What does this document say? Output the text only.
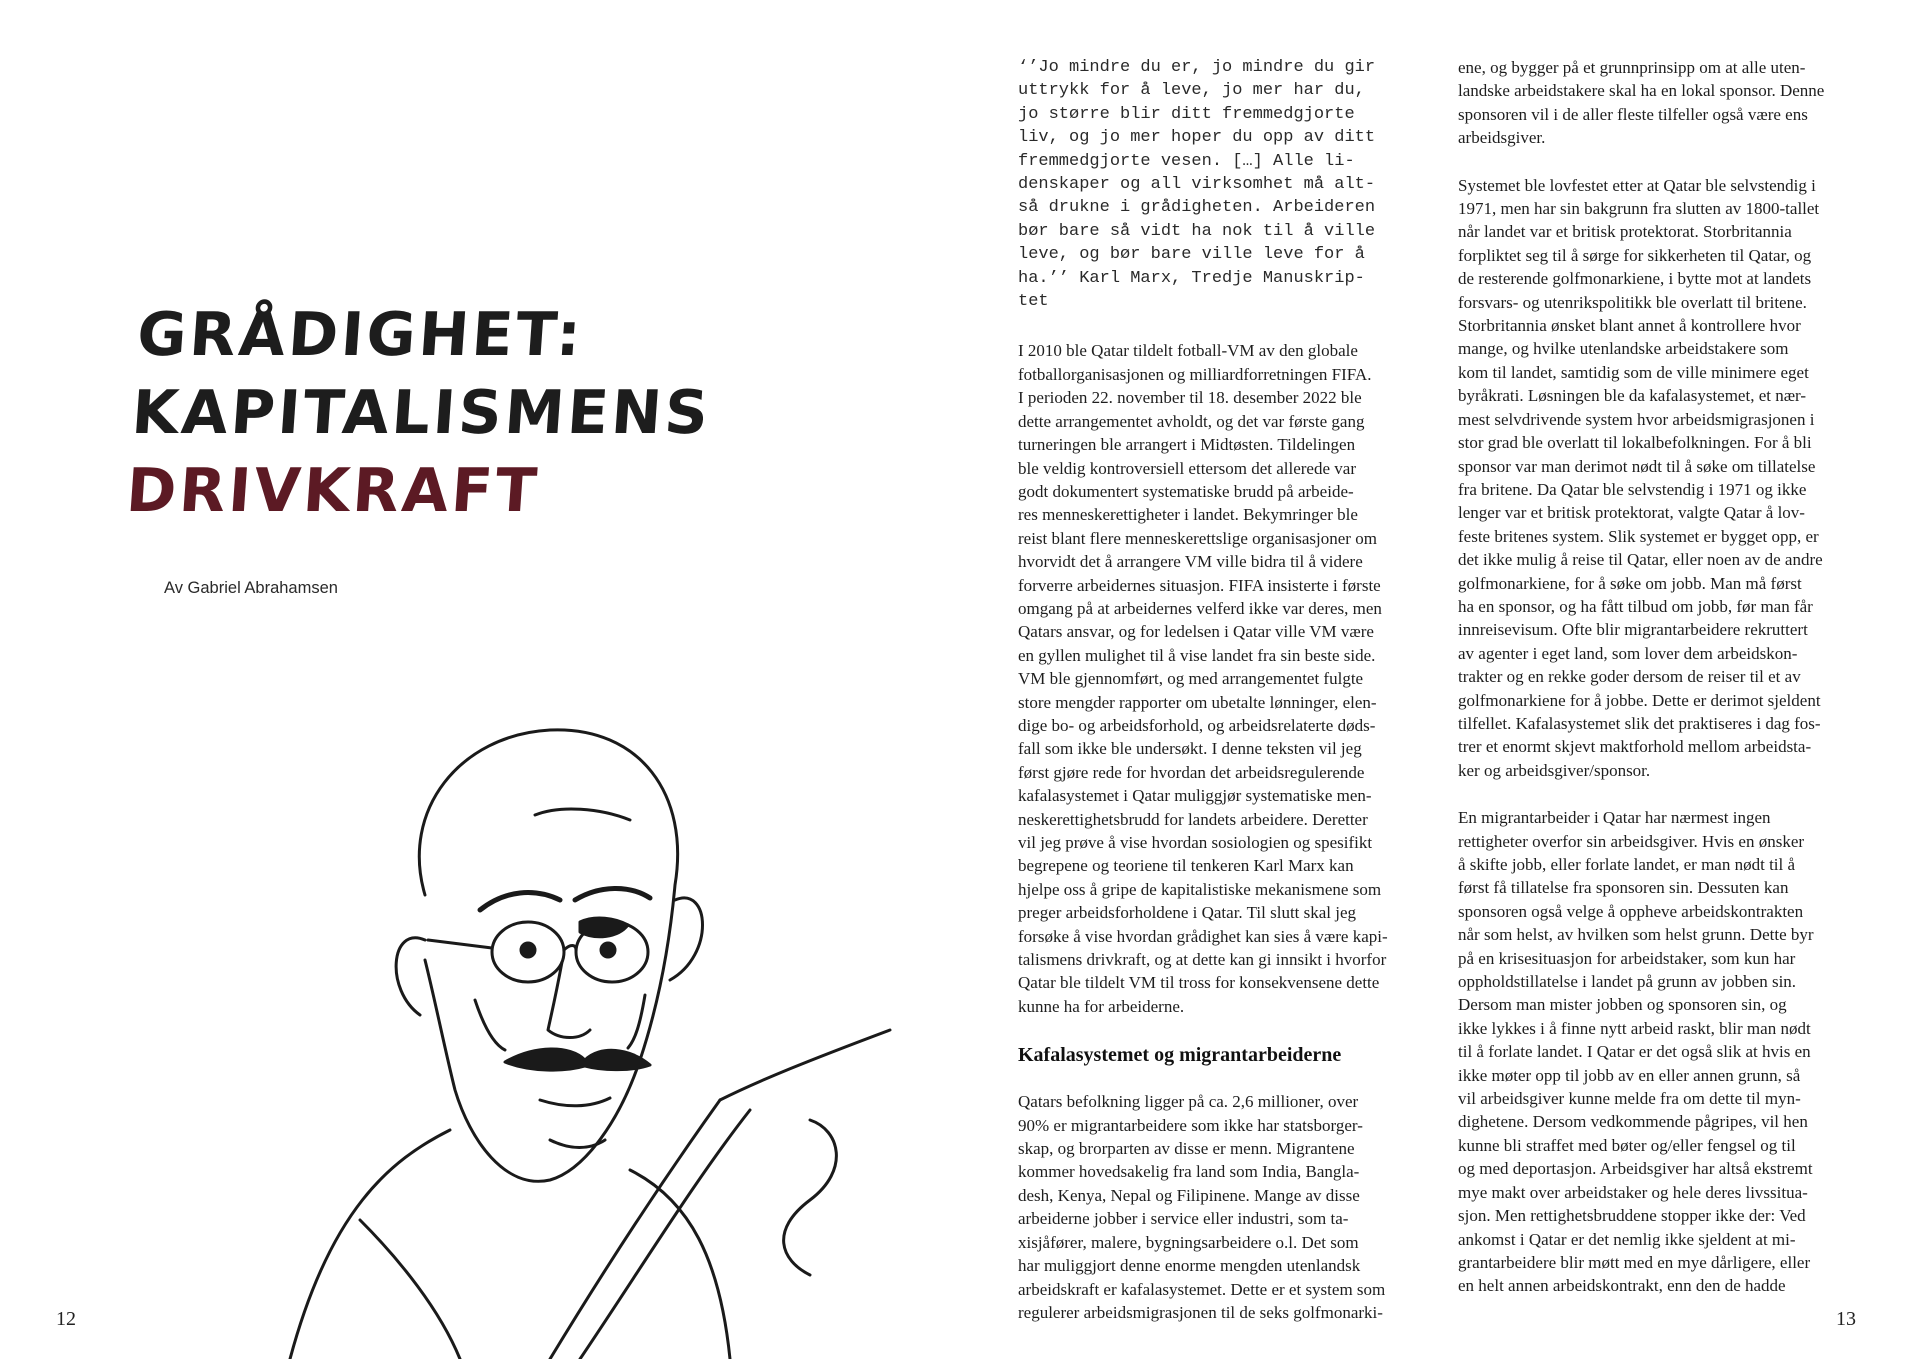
GRÅDIGHET:
KAPITALISMENS
DRIVKRAFT

Av Gabriel Abrahamsen

12

‘’Jo mindre du er, jo mindre du gir
uttrykk for å leve, jo mer har du,
jo større blir ditt fremmedgjorte
liv, og jo mer hoper du opp av ditt
fremmedgjorte vesen. […] Alle li-
denskaper og all virksomhet må alt-
så drukne i grådigheten. Arbeideren
bør bare så vidt ha nok til å ville
leve, og bør bare ville leve for å
ha.’’ Karl Marx, Tredje Manuskrip-
tet

I 2010 ble Qatar tildelt fotball-VM av den globale
fotballorganisasjonen og milliardforretningen FIFA.
I perioden 22. november til 18. desember 2022 ble
dette arrangementet avholdt, og det var første gang
turneringen ble arrangert i Midtøsten. Tildelingen
ble veldig kontroversiell ettersom det allerede var
godt dokumentert systematiske brudd på arbeide-
res menneskerettigheter i landet. Bekymringer ble
reist blant flere menneskerettslige organisasjoner om
hvorvidt det å arrangere VM ville bidra til å videre
forverre arbeidernes situasjon. FIFA insisterte i første
omgang på at arbeidernes velferd ikke var deres, men
Qatars ansvar, og for ledelsen i Qatar ville VM være
en gyllen mulighet til å vise landet fra sin beste side.
VM ble gjennomført, og med arrangementet fulgte
store mengder rapporter om ubetalte lønninger, elen-
dige bo- og arbeidsforhold, og arbeidsrelaterte døds-
fall som ikke ble undersøkt. I denne teksten vil jeg
først gjøre rede for hvordan det arbeidsregulerende
kafalasystemet i Qatar muliggjør systematiske men-
neskerettighetsbrudd for landets arbeidere. Deretter
vil jeg prøve å vise hvordan sosiologien og spesifikt
begrepene og teoriene til tenkeren Karl Marx kan
hjelpe oss å gripe de kapitalistiske mekanismene som
preger arbeidsforholdene i Qatar. Til slutt skal jeg
forsøke å vise hvordan grådighet kan sies å være kapi-
talismens drivkraft, og at dette kan gi innsikt i hvorfor
Qatar ble tildelt VM til tross for konsekvensene dette
kunne ha for arbeiderne.

Kafalasystemet og migrantarbeiderne

Qatars befolkning ligger på ca. 2,6 millioner, over
90% er migrantarbeidere som ikke har statsborger-
skap, og brorparten av disse er menn. Migrantene
kommer hovedsakelig fra land som India, Bangla-
desh, Kenya, Nepal og Filipinene. Mange av disse
arbeiderne jobber i service eller industri, som ta-
xisjåfører, malere, bygningsarbeidere o.l. Det som
har muliggjort denne enorme mengden utenlandsk
arbeidskraft er kafalasystemet. Dette er et system som
regulerer arbeidsmigrasjonen til de seks golfmonarki-

ene, og bygger på et grunnprinsipp om at alle uten-
landske arbeidstakere skal ha en lokal sponsor. Denne
sponsoren vil i de aller fleste tilfeller også være ens
arbeidsgiver.

Systemet ble lovfestet etter at Qatar ble selvstendig i
1971, men har sin bakgrunn fra slutten av 1800-tallet
når landet var et britisk protektorat. Storbritannia
forpliktet seg til å sørge for sikkerheten til Qatar, og
de resterende golfmonarkiene, i bytte mot at landets
forsvars- og utenrikspolitikk ble overlatt til britene.
Storbritannia ønsket blant annet å kontrollere hvor
mange, og hvilke utenlandske arbeidstakere som
kom til landet, samtidig som de ville minimere eget
byråkrati. Løsningen ble da kafalasystemet, et nær-
mest selvdrivende system hvor arbeidsmigrasjonen i
stor grad ble overlatt til lokalbefolkningen. For å bli
sponsor var man derimot nødt til å søke om tillatelse
fra britene. Da Qatar ble selvstendig i 1971 og ikke
lenger var et britisk protektorat, valgte Qatar å lov-
feste britenes system. Slik systemet er bygget opp, er
det ikke mulig å reise til Qatar, eller noen av de andre
golfmonarkiene, for å søke om jobb. Man må først
ha en sponsor, og ha fått tilbud om jobb, før man får
innreisevisum. Ofte blir migrantarbeidere rekruttert
av agenter i eget land, som lover dem arbeidskon-
trakter og en rekke goder dersom de reiser til et av
golfmonarkiene for å jobbe. Dette er derimot sjeldent
tilfellet. Kafalasystemet slik det praktiseres i dag fos-
trer et enormt skjevt maktforhold mellom arbeidsta-
ker og arbeidsgiver/sponsor.

En migrantarbeider i Qatar har nærmest ingen
rettigheter overfor sin arbeidsgiver. Hvis en ønsker
å skifte jobb, eller forlate landet, er man nødt til å
først få tillatelse fra sponsoren sin. Dessuten kan
sponsoren også velge å oppheve arbeidskontrakten
når som helst, av hvilken som helst grunn. Dette byr
på en krisesituasjon for arbeidstaker, som kun har
oppholdstillatelse i landet på grunn av jobben sin.
Dersom man mister jobben og sponsoren sin, og
ikke lykkes i å finne nytt arbeid raskt, blir man nødt
til å forlate landet. I Qatar er det også slik at hvis en
ikke møter opp til jobb av en eller annen grunn, så
vil arbeidsgiver kunne melde fra om dette til myn-
dighetene. Dersom vedkommende pågripes, vil hen
kunne bli straffet med bøter og/eller fengsel og til
og med deportasjon. Arbeidsgiver har altså ekstremt
mye makt over arbeidstaker og hele deres livssitua-
sjon. Men rettighetsbruddene stopper ikke der: Ved
ankomst i Qatar er det nemlig ikke sjeldent at mi-
grantarbeidere blir møtt med en mye dårligere, eller
en helt annen arbeidskontrakt, enn den de hadde

13
